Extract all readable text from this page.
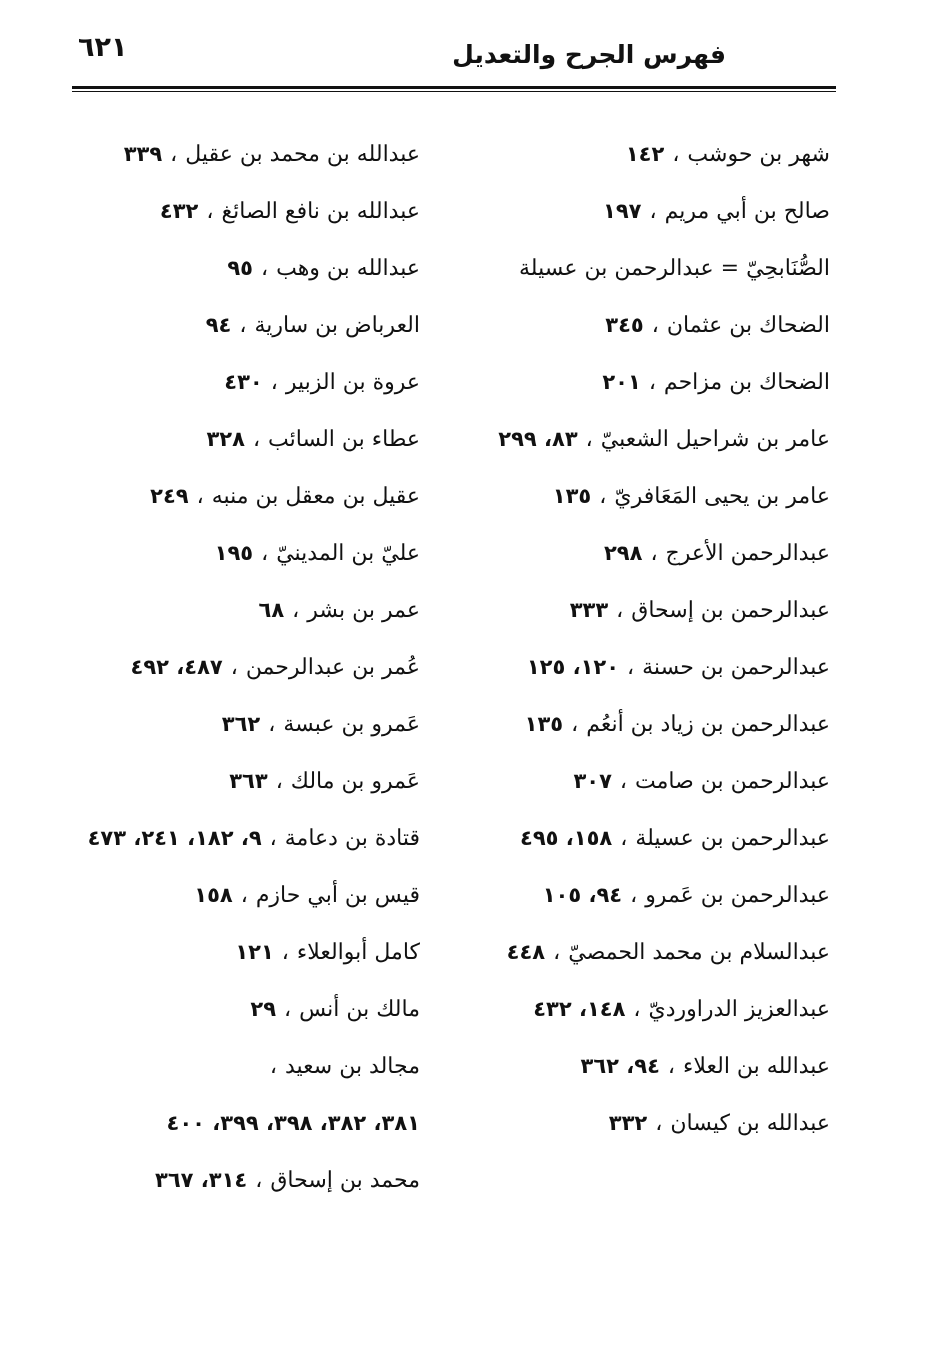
فهرس الجرح والتعديل
٦٢١
شهر بن حوشب
،
١٤٢
صالح بن أبي مريم
،
١٩٧
الصُّنَابحِيّ = عبدالرحمن بن عسيلة
الضحاك بن عثمان
،
٣٤٥
الضحاك بن مزاحم
،
٢٠١
عامر بن شراحيل الشعبيّ
،
٨٣، ٢٩٩
عامر بن يحيى المَعَافريّ
،
١٣٥
عبدالرحمن الأعرج
،
٢٩٨
عبدالرحمن بن إسحاق
،
٣٣٣
عبدالرحمن بن حسنة
،
١٢٠، ١٢٥
عبدالرحمن بن زياد بن أنعُم
،
١٣٥
عبدالرحمن بن صامت
،
٣٠٧
عبدالرحمن بن عسيلة
،
١٥٨، ٤٩٥
عبدالرحمن بن عَمرو
،
٩٤، ١٠٥
عبدالسلام بن محمد الحمصيّ
،
٤٤٨
عبدالعزيز الدراورديّ
،
١٤٨، ٤٣٢
عبدالله بن العلاء
،
٩٤، ٣٦٢
عبدالله بن كيسان
،
٣٣٢
عبدالله بن محمد بن عقيل
،
٣٣٩
عبدالله بن نافع الصائغ
،
٤٣٢
عبدالله بن وهب
،
٩٥
العرباض بن سارية
،
٩٤
عروة بن الزبير
،
٤٣٠
عطاء بن السائب
،
٣٢٨
عقيل بن معقل بن منبه
،
٢٤٩
عليّ بن المدينيّ
،
١٩٥
عمر بن بشر
،
٦٨
عُمر بن عبدالرحمن
،
٤٨٧، ٤٩٢
عَمرو بن عبسة
،
٣٦٢
عَمرو بن مالك
،
٣٦٣
قتادة بن دعامة
،
٩، ١٨٢، ٢٤١، ٤٧٣
قيس بن أبي حازم
،
١٥٨
كامل أبوالعلاء
،
١٢١
مالك بن أنس
،
٢٩
مجالد بن سعيد
،
٣٨١، ٣٨٢، ٣٩٨، ٣٩٩، ٤٠٠
محمد بن إسحاق
،
٣١٤، ٣٦٧
